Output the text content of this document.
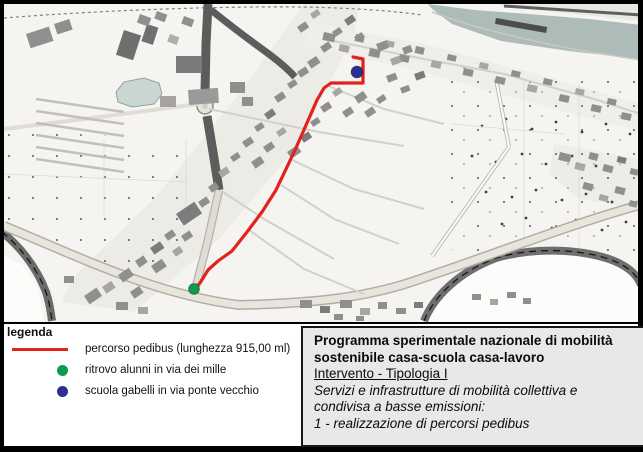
legenda
percorso pedibus (lunghezza 915,00 ml)
ritrovo alunni in via dei mille
scuola gabelli in via ponte vecchio
Programma sperimentale nazionale di mobilità
sostenibile casa-scuola casa-lavoro
Intervento - Tipologia I
Servizi e infrastrutture di mobilità collettiva e
condivisa a basse emissioni:
1 - realizzazione di percorsi pedibus
